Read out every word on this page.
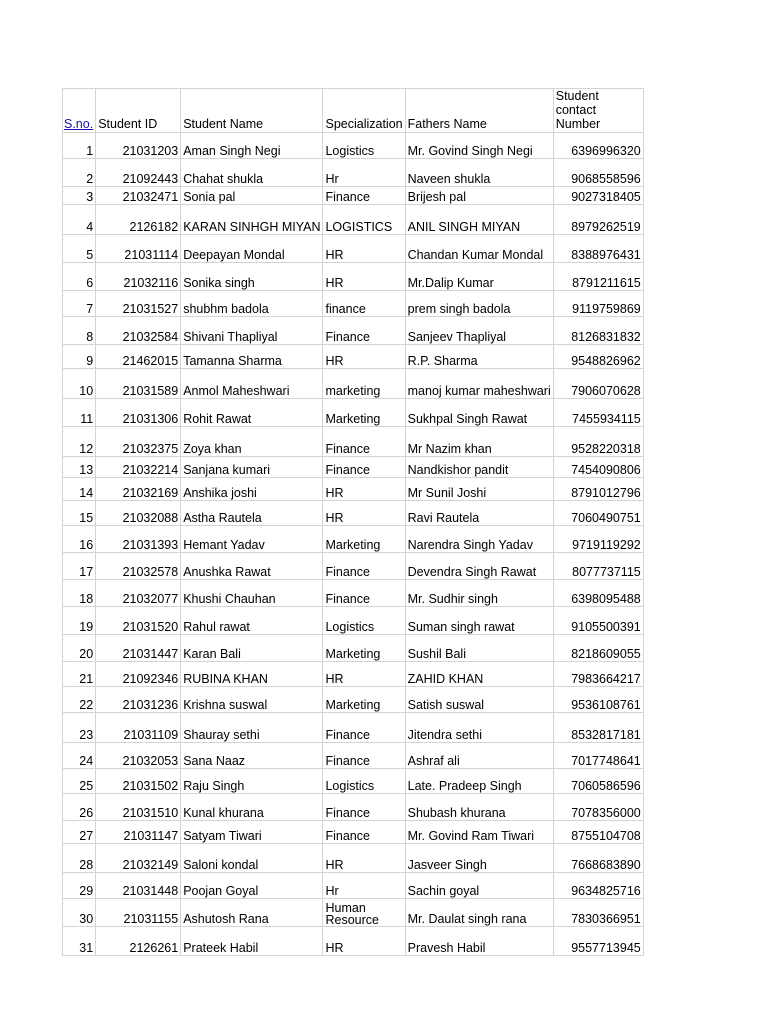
S.no.	Student ID	Student Name	Specialization	Fathers Name	Student contact Number
1	21031203	Aman Singh Negi	Logistics	Mr. Govind Singh Negi	6396996320
2	21092443	Chahat shukla	Hr	Naveen shukla	9068558596
3	21032471	Sonia pal	Finance	Brijesh pal	9027318405
4	2126182	KARAN SINHGH MIYAN	LOGISTICS	ANIL SINGH MIYAN	8979262519
5	21031114	Deepayan Mondal	HR	Chandan Kumar Mondal	8388976431
6	21032116	Sonika singh	HR	Mr.Dalip Kumar	8791211615
7	21031527	shubhm badola	finance	prem singh badola	9119759869
8	21032584	Shivani Thapliyal	Finance	Sanjeev Thapliyal	8126831832
9	21462015	Tamanna Sharma	HR	R.P. Sharma	9548826962
10	21031589	Anmol Maheshwari	marketing	manoj kumar maheshwari	7906070628
11	21031306	Rohit Rawat	Marketing	Sukhpal Singh Rawat	7455934115
12	21032375	Zoya khan	Finance	Mr Nazim khan	9528220318
13	21032214	Sanjana kumari	Finance	Nandkishor pandit	7454090806
14	21032169	Anshika joshi	HR	Mr Sunil Joshi	8791012796
15	21032088	Astha Rautela	HR	Ravi Rautela	7060490751
16	21031393	Hemant Yadav	Marketing	Narendra Singh Yadav	9719119292
17	21032578	Anushka Rawat	Finance	Devendra Singh Rawat	8077737115
18	21032077	Khushi Chauhan	Finance	Mr. Sudhir singh	6398095488
19	21031520	Rahul rawat	Logistics	Suman singh rawat	9105500391
20	21031447	Karan Bali	Marketing	Sushil Bali	8218609055
21	21092346	RUBINA KHAN	HR	ZAHID KHAN	7983664217
22	21031236	Krishna suswal	Marketing	Satish suswal	9536108761
23	21031109	Shauray sethi	Finance	Jitendra sethi	8532817181
24	21032053	Sana Naaz	Finance	Ashraf ali	7017748641
25	21031502	Raju Singh	Logistics	Late. Pradeep Singh	7060586596
26	21031510	Kunal khurana	Finance	Shubash khurana	7078356000
27	21031147	Satyam Tiwari	Finance	Mr. Govind Ram Tiwari	8755104708
28	21032149	Saloni kondal	HR	Jasveer Singh	7668683890
29	21031448	Poojan Goyal	Hr	Sachin goyal	9634825716
30	21031155	Ashutosh Rana	Human Resource	Mr. Daulat singh rana	7830366951
31	2126261	Prateek Habil	HR	Pravesh Habil	9557713945
